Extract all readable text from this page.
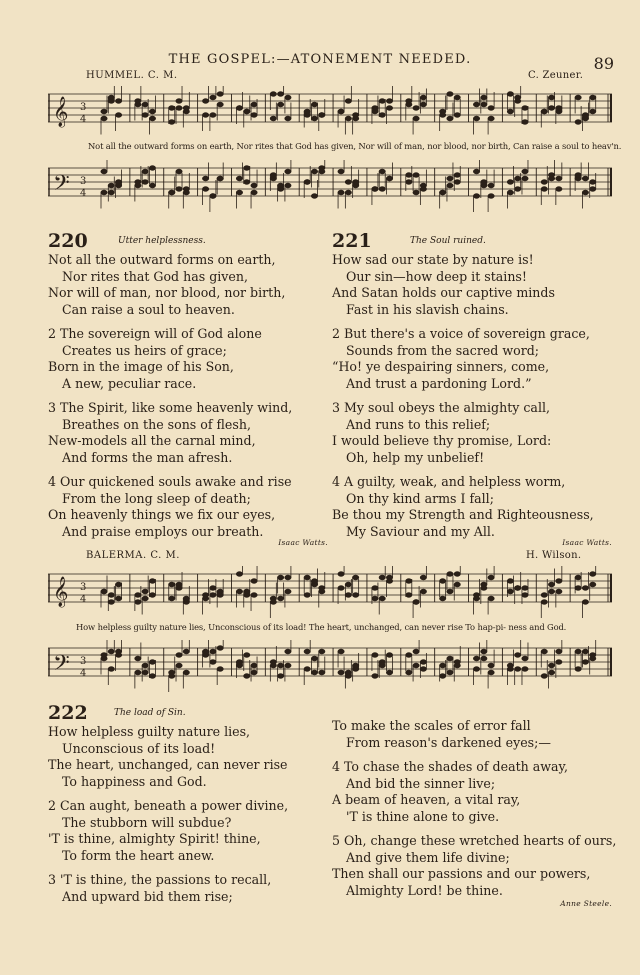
THE GOSPEL:—ATONEMENT NEEDED.	89
HUMMEL. C. M.	C. Zeuner.
𝄞 3
4
Not all the outward forms on earth, Nor rites that God has given, Nor will of man, nor blood, nor birth, Can raise a soul to heav'n.
𝄢 3
4
220	Utter helplessness.
Not all the outward forms on earth,
Nor rites that God has given,
Nor will of man, nor blood, nor birth,
Can raise a soul to heaven.
2 The sovereign will of God alone
Creates us heirs of grace;
Born in the image of his Son,
A new, peculiar race.
3 The Spirit, like some heavenly wind,
Breathes on the sons of flesh,
New-models all the carnal mind,
And forms the man afresh.
4 Our quickened souls awake and rise
From the long sleep of death;
On heavenly things we fix our eyes,
And praise employs our breath.
Isaac Watts.
221	The Soul ruined.
How sad our state by nature is!
Our sin—how deep it stains!
And Satan holds our captive minds
Fast in his slavish chains.
2 But there's a voice of sovereign grace,
Sounds from the sacred word;
“Ho! ye despairing sinners, come,
And trust a pardoning Lord.”
3 My soul obeys the almighty call,
And runs to this relief;
I would believe thy promise, Lord:
Oh, help my unbelief!
4 A guilty, weak, and helpless worm,
On thy kind arms I fall;
Be thou my Strength and Righteousness,
My Saviour and my All.
Isaac Watts.
BALERMA. C. M.	H. Wilson.
𝄞 3
4
How helpless guilty nature lies, Unconscious of its load! The heart, unchanged, can never rise To hap-pi- ness and God.
𝄢 3
4
222	The load of Sin.
How helpless guilty nature lies,
Unconscious of its load!
The heart, unchanged, can never rise
To happiness and God.
2 Can aught, beneath a power divine,
The stubborn will subdue?
'T is thine, almighty Spirit! thine,
To form the heart anew.
3 'T is thine, the passions to recall,
And upward bid them rise;
To make the scales of error fall
From reason's darkened eyes;—
4 To chase the shades of death away,
And bid the sinner live;
A beam of heaven, a vital ray,
'T is thine alone to give.
5 Oh, change these wretched hearts of ours,
And give them life divine;
Then shall our passions and our powers,
Almighty Lord! be thine.
Anne Steele.
